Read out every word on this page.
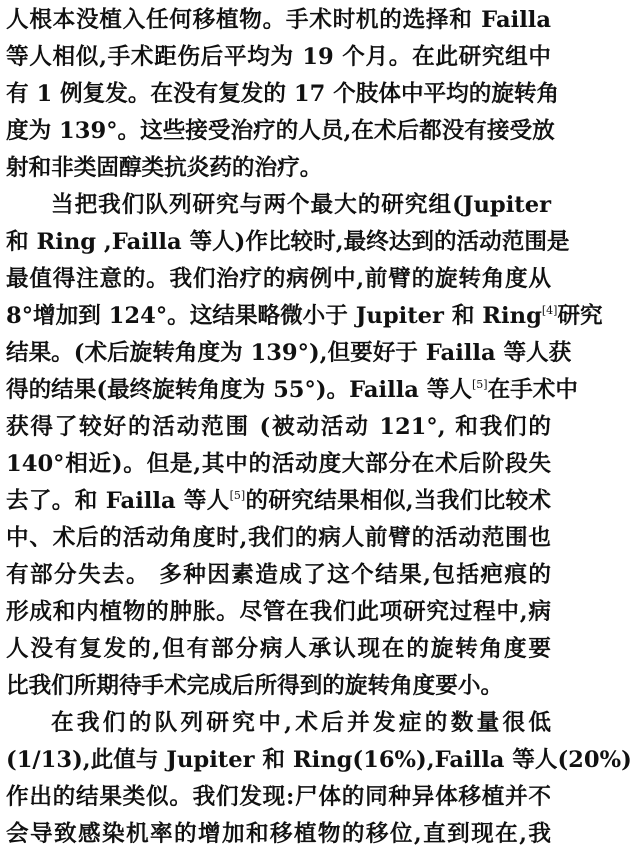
人根本没植入任何移植物。手术时机的选择和 Failla
等人相似,手术距伤后平均为 19 个月。在此研究组中
有 1 例复发。在没有复发的 17 个肢体中平均的旋转角
度为 139°。这些接受治疗的人员,在术后都没有接受放
射和非类固醇类抗炎药的治疗。
当把我们队列研究与两个最大的研究组(Jupiter
和 Ring ,Failla 等人)作比较时,最终达到的活动范围是
最值得注意的。我们治疗的病例中,前臂的旋转角度从
8°增加到 124°。这结果略微小于 Jupiter 和 Ring[4]研究
结果。(术后旋转角度为 139°),但要好于 Failla 等人获
得的结果(最终旋转角度为 55°)。Failla 等人[5]在手术中
获得了较好的活动范围 (被动活动 121°, 和我们的
140°相近)。但是,其中的活动度大部分在术后阶段失
去了。和 Failla 等人[5]的研究结果相似,当我们比较术
中、术后的活动角度时,我们的病人前臂的活动范围也
有部分失去。 多种因素造成了这个结果,包括疤痕的
形成和内植物的肿胀。尽管在我们此项研究过程中,病
人没有复发的,但有部分病人承认现在的旋转角度要
比我们所期待手术完成后所得到的旋转角度要小。
在我们的队列研究中,术后并发症的数量很低
(1/13),此值与 Jupiter 和 Ring(16%),Failla 等人(20%)
作出的结果类似。我们发现:尸体的同种异体移植并不
会导致感染机率的增加和移植物的移位,直到现在,我
